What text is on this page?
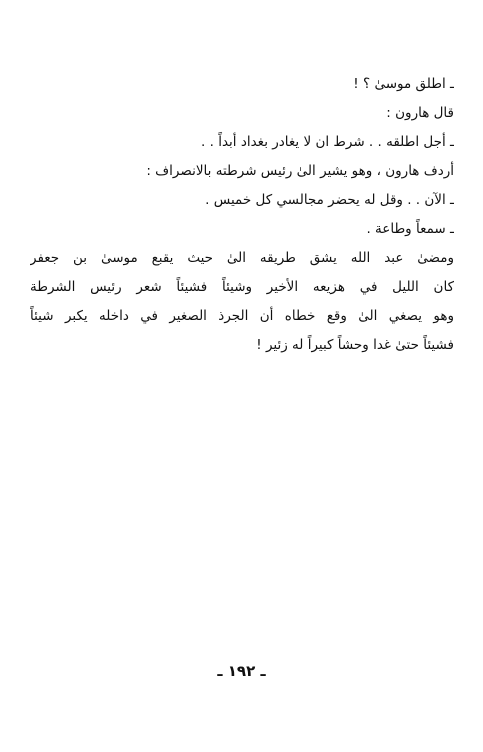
ـ اطلق موسىٰ ؟ !
قال هارون :
ـ أجل اطلقه . . شرط ان لا يغادر بغداد أبداً . .
أردف هارون ، وهو يشير الىٰ رئيس شرطته بالانصراف :
ـ الآن . . وقل له يحضر مجالسي كل خميس .
ـ سمعاً وطاعة .
ومضىٰ عبد الله يشق طريقه الىٰ حيث يقبع موسىٰ بن جعفر
كان الليل في هزيعه الأخير وشيئاً فشيئاً شعر رئيس الشرطة
وهو يصغي الىٰ وقع خطاه أن الجرذ الصغير في داخله يكبر شيئاً
فشيئاً حتىٰ غدا وحشاً كبيراً له زئير !
ـ ١٩٢ ـ
